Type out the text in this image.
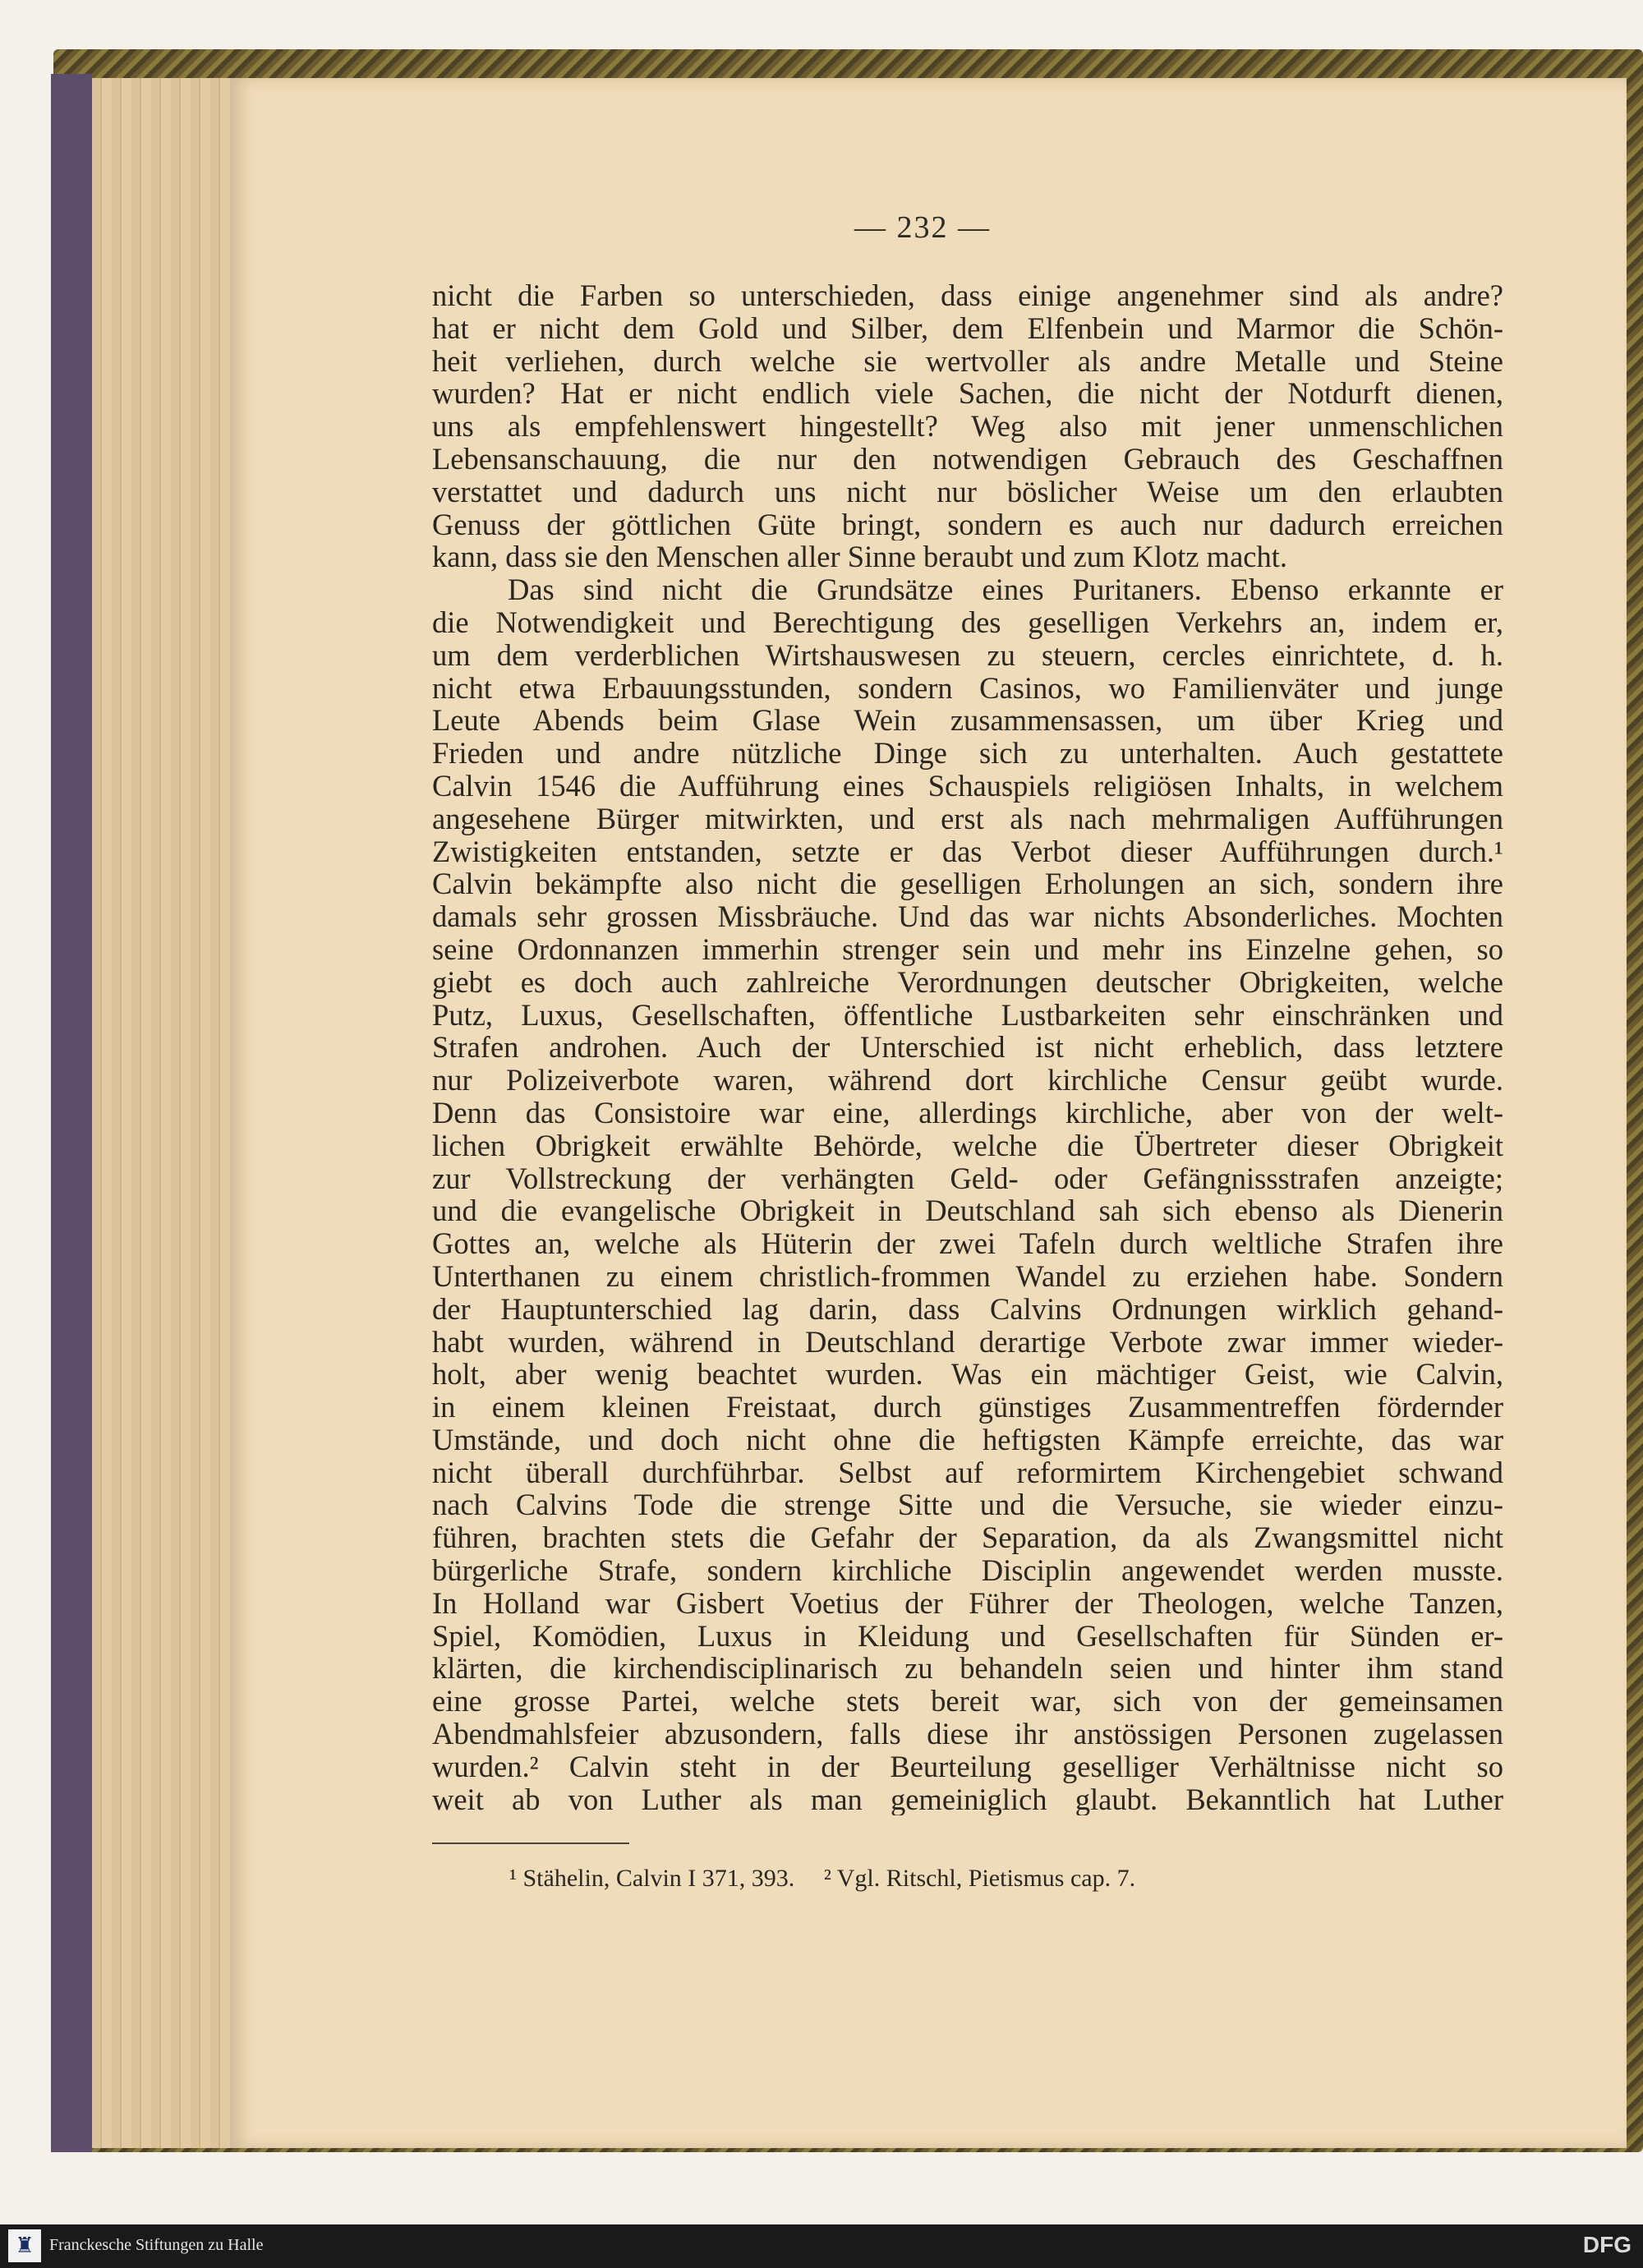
— 232 —
nicht die Farben so unterschieden, dass einige angenehmer sind als andre?
hat er nicht dem Gold und Silber, dem Elfenbein und Marmor die Schön-
heit verliehen, durch welche sie wertvoller als andre Metalle und Steine
wurden? Hat er nicht endlich viele Sachen, die nicht der Notdurft dienen,
uns als empfehlenswert hingestellt? Weg also mit jener unmenschlichen
Lebensanschauung, die nur den notwendigen Gebrauch des Geschaffnen
verstattet und dadurch uns nicht nur böslicher Weise um den erlaubten
Genuss der göttlichen Güte bringt, sondern es auch nur dadurch erreichen
kann, dass sie den Menschen aller Sinne beraubt und zum Klotz macht.
Das sind nicht die Grundsätze eines Puritaners. Ebenso erkannte er
die Notwendigkeit und Berechtigung des geselligen Verkehrs an, indem er,
um dem verderblichen Wirtshauswesen zu steuern, cercles einrichtete, d. h.
nicht etwa Erbauungsstunden, sondern Casinos, wo Familienväter und junge
Leute Abends beim Glase Wein zusammensassen, um über Krieg und
Frieden und andre nützliche Dinge sich zu unterhalten. Auch gestattete
Calvin 1546 die Aufführung eines Schauspiels religiösen Inhalts, in welchem
angesehene Bürger mitwirkten, und erst als nach mehrmaligen Aufführungen
Zwistigkeiten entstanden, setzte er das Verbot dieser Aufführungen durch.¹
Calvin bekämpfte also nicht die geselligen Erholungen an sich, sondern ihre
damals sehr grossen Missbräuche. Und das war nichts Absonderliches. Mochten
seine Ordonnanzen immerhin strenger sein und mehr ins Einzelne gehen, so
giebt es doch auch zahlreiche Verordnungen deutscher Obrigkeiten, welche
Putz, Luxus, Gesellschaften, öffentliche Lustbarkeiten sehr einschränken und
Strafen androhen. Auch der Unterschied ist nicht erheblich, dass letztere
nur Polizeiverbote waren, während dort kirchliche Censur geübt wurde.
Denn das Consistoire war eine, allerdings kirchliche, aber von der welt-
lichen Obrigkeit erwählte Behörde, welche die Übertreter dieser Obrigkeit
zur Vollstreckung der verhängten Geld- oder Gefängnissstrafen anzeigte;
und die evangelische Obrigkeit in Deutschland sah sich ebenso als Dienerin
Gottes an, welche als Hüterin der zwei Tafeln durch weltliche Strafen ihre
Unterthanen zu einem christlich-frommen Wandel zu erziehen habe. Sondern
der Hauptunterschied lag darin, dass Calvins Ordnungen wirklich gehand-
habt wurden, während in Deutschland derartige Verbote zwar immer wieder-
holt, aber wenig beachtet wurden. Was ein mächtiger Geist, wie Calvin,
in einem kleinen Freistaat, durch günstiges Zusammentreffen fördernder
Umstände, und doch nicht ohne die heftigsten Kämpfe erreichte, das war
nicht überall durchführbar. Selbst auf reformirtem Kirchengebiet schwand
nach Calvins Tode die strenge Sitte und die Versuche, sie wieder einzu-
führen, brachten stets die Gefahr der Separation, da als Zwangsmittel nicht
bürgerliche Strafe, sondern kirchliche Disciplin angewendet werden musste.
In Holland war Gisbert Voetius der Führer der Theologen, welche Tanzen,
Spiel, Komödien, Luxus in Kleidung und Gesellschaften für Sünden er-
klärten, die kirchendisciplinarisch zu behandeln seien und hinter ihm stand
eine grosse Partei, welche stets bereit war, sich von der gemeinsamen
Abendmahlsfeier abzusondern, falls diese ihr anstössigen Personen zugelassen
wurden.² Calvin steht in der Beurteilung geselliger Verhältnisse nicht so
weit ab von Luther als man gemeiniglich glaubt. Bekanntlich hat Luther
¹ Stähelin, Calvin I 371, 393. ² Vgl. Ritschl, Pietismus cap. 7.
♜ Franckesche Stiftungen zu Halle	DFG
